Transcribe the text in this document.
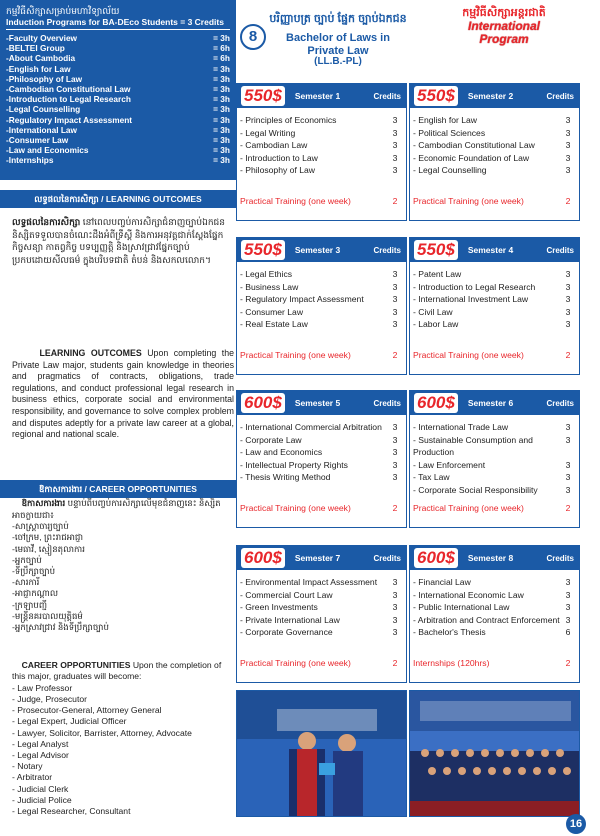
កម្មវិធីសិក្សាសម្រាប់មហាវិទ្យាល័យ
Induction Programs for BA-DEco Students = 3 Credits
-Faculty Overview	= 3h
-BELTEI Group	= 6h
-About Cambodia	= 6h
-English for Law	= 3h
-Philosophy of Law	= 3h
-Cambodian Constitutional Law	= 3h
-Introduction to Legal Research	= 3h
-Legal Counselling	= 3h
-Regulatory Impact Assessment	= 3h
-International Law	= 3h
-Consumer Law	= 3h
-Law and Economics	= 3h
-Internships	= 3h
8
បរិញ្ញាបត្រ ច្បាប់ ផ្នែក ច្បាប់ឯកជន
Bachelor of Laws in Private Law
(LL.B.-PL)
កម្មវិធីសិក្សាអន្តរជាតិ
International
Program
លទ្ធផលនៃការសិក្សា / LEARNING OUTCOMES
លទ្ធផលនៃការសិក្សា នៅពេលបញ្ចប់ការសិក្សាជំនាញច្បាប់ឯកជន និស្សិតទទួលបានចំណេះដឹងអំពីទ្រឹស្តី និងការអនុវត្តជាក់ស្តែងផ្នែកកិច្ចសន្យា កាតព្វកិច្ច បទប្បញ្ញត្តិ និងស្រាវជ្រាវផ្នែកច្បាប់ ប្រកបដោយសីលធម៌ ក្នុងបរិបទជាតិ តំបន់ និងសកលលោក។
LEARNING OUTCOMES Upon completing the Private Law major, students gain knowledge in theories and pragmatics of contracts, obligations, trade regulations, and conduct professional legal research in business ethics, corporate social and environmental responsibility, and governance to solve complex problem and disputes adeptly for a private law career at a global, regional and national scale.
ឱកាសការងារ / CAREER OPPORTUNITIES
ឱកាសការងារ បន្ទាប់ពីបញ្ចប់ការសិក្សាលើមុខជំនាញនេះ និស្សិតអាចក្លាយជា៖
-សាស្ត្រាចារ្យច្បាប់
-ចៅក្រម, ព្រះរាជអាជ្ញា
-មេធាវី, ស្មៀនតុលាការ
-អ្នកច្បាប់
-ទីប្រឹក្សាច្បាប់
-សារការី
-អាជ្ញាកណ្តាល
-ក្រឡាបញ្ជី
-មន្ត្រីនគរបាលយុត្តិធម៌
-អ្នកស្រាវជ្រាវ និងទីប្រឹក្សាច្បាប់
CAREER OPPORTUNITIES Upon the completion of this major, graduates will become:
- Law Professor
- Judge, Prosecutor
- Prosecutor-General, Attorney General
- Legal Expert, Judicial Officer
- Lawyer, Solicitor, Barrister, Attorney, Advocate
- Legal Analyst
- Legal Advisor
- Notary
- Arbitrator
- Judicial Clerk
- Judicial Police
- Legal Researcher, Consultant
550$	Semester 1	Credits
- Principles of Economics	3
- Legal Writing	3
- Cambodian Law	3
- Introduction to Law	3
- Philosophy of Law	3
Practical Training (one week)	2
550$	Semester 2	Credits
- English for Law	3
- Political Sciences	3
- Cambodian Constitutional Law	3
- Economic Foundation of Law	3
- Legal Counselling	3
Practical Training (one week)	2
550$	Semester 3	Credits
- Legal Ethics	3
- Business Law	3
- Regulatory Impact Assessment	3
- Consumer Law	3
- Real Estate Law	3
Practical Training (one week)	2
550$	Semester 4	Credits
- Patent Law	3
- Introduction to Legal Research	3
- International Investment Law	3
- Civil Law	3
- Labor Law	3
Practical Training (one week)	2
600$	Semester 5	Credits
- International Commercial Arbitration	3
- Corporate Law	3
- Law and Economics	3
- Intellectual Property Rights	3
- Thesis Writing Method	3
Practical Training (one week)	2
600$	Semester 6	Credits
- International Trade Law	3
- Sustainable Consumption and Production
3
- Law Enforcement	3
- Tax Law	3
- Corporate Social Responsibility	3
Practical Training (one week)	2
600$	Semester 7	Credits
- Environmental Impact Assessment	3
- Commercial Court Law	3
- Green Investments	3
- Private International Law	3
- Corporate Governance	3
Practical Training (one week)	2
600$	Semester 8	Credits
- Financial Law	3
- International Economic Law	3
- Public International Law	3
- Arbitration and Contract Enforcement 3
- Bachelor's Thesis	6
Internships (120hrs)	2
16
